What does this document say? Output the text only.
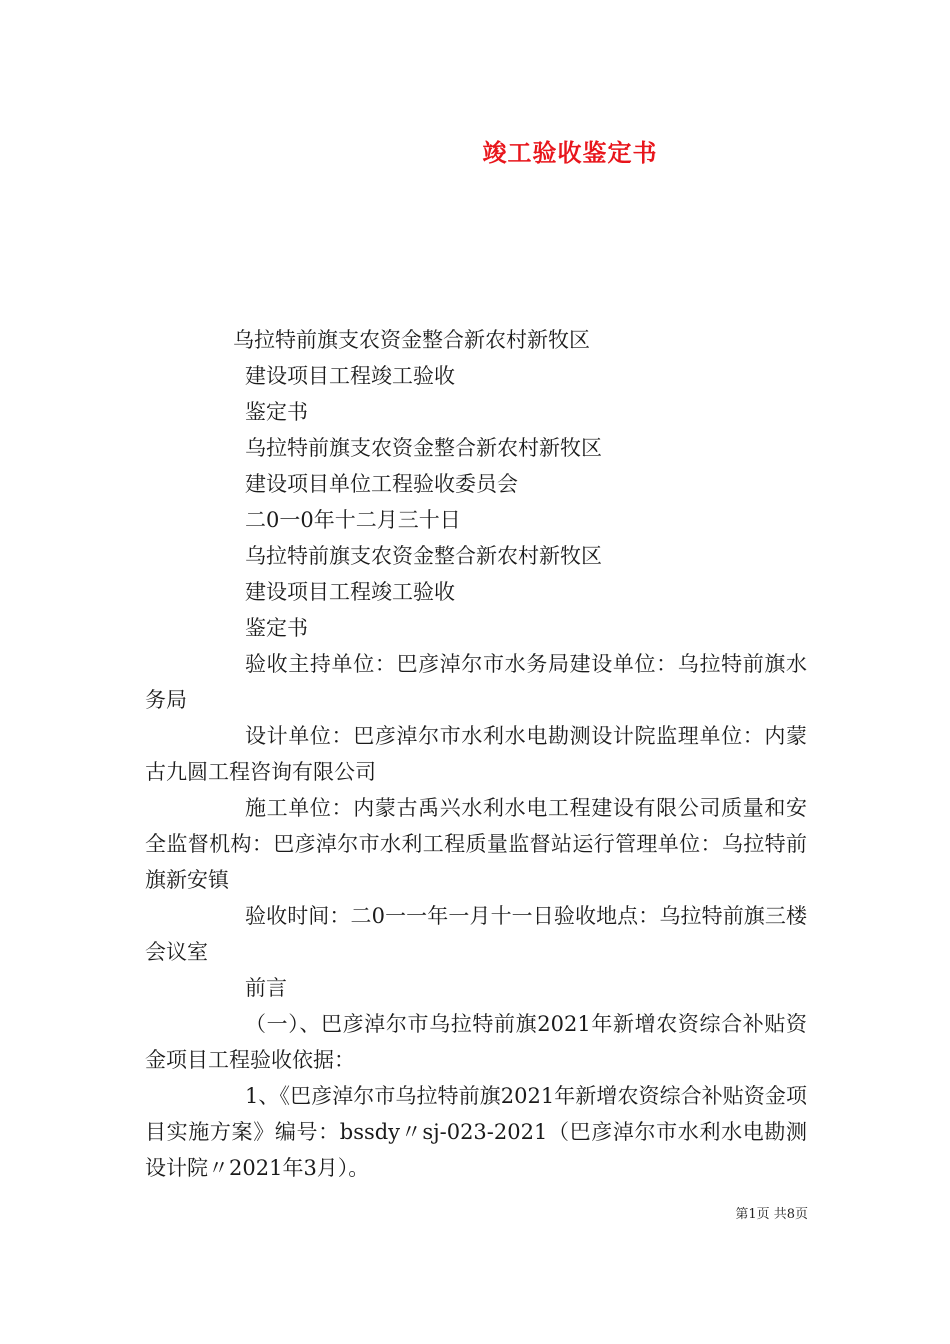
竣工验收鉴定书

乌拉特前旗支农资金整合新农村新牧区

建设项目工程竣工验收

鉴定书

乌拉特前旗支农资金整合新农村新牧区

建设项目单位工程验收委员会

二0一0年十二月三十日

乌拉特前旗支农资金整合新农村新牧区

建设项目工程竣工验收

鉴定书

验收主持单位：巴彦淖尔市水务局建设单位：乌拉特前旗水务局

设计单位：巴彦淖尔市水利水电勘测设计院监理单位：内蒙古九圆工程咨询有限公司

施工单位：内蒙古禹兴水利水电工程建设有限公司质量和安全监督机构：巴彦淖尔市水利工程质量监督站运行管理单位：乌拉特前旗新安镇

验收时间：二0一一年一月十一日验收地点：乌拉特前旗三楼会议室

前言

（一）、巴彦淖尔市乌拉特前旗2021年新增农资综合补贴资金项目工程验收依据：

1、《巴彦淖尔市乌拉特前旗2021年新增农资综合补贴资金项目实施方案》编号：bssdy〃sj-023-2021（巴彦淖尔市水利水电勘测设计院〃2021年3月）。

第1页 共8页
